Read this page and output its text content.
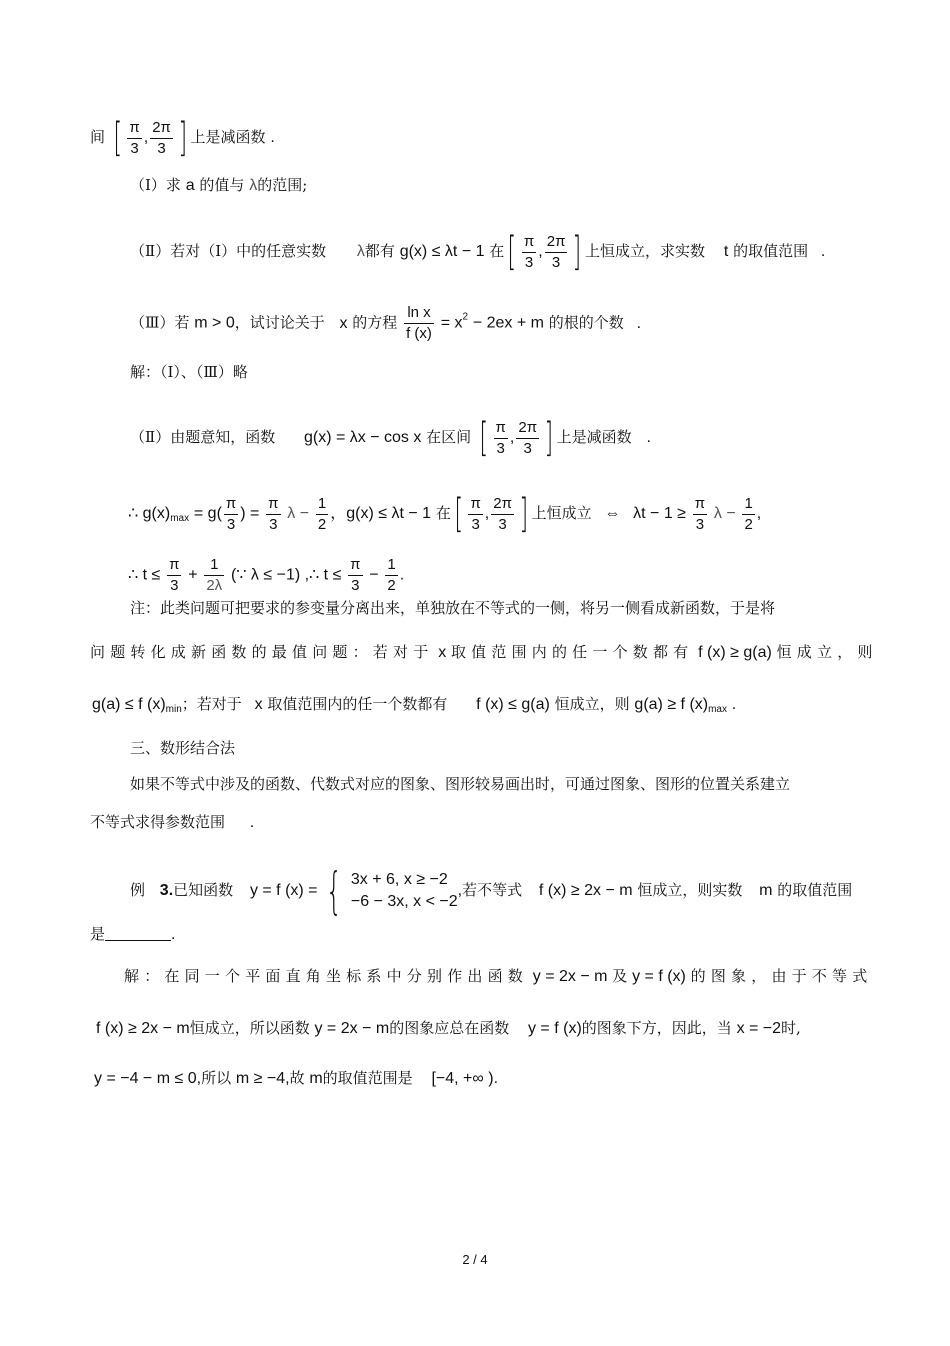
间 [ $\frac{\pi}{3}$ , $\frac{2\pi}{3}$ ] 上是减函数 .
（Ⅰ）求 a 的值与 λ的范围;
（Ⅱ）若对（Ⅰ）中的任意实数 λ都有 g(x) ≤ λt − 1 在[ $\frac{\pi}{3}$ , $\frac{2\pi}{3}$ ] 上恒成立，求实数 t 的取值范围 .
（Ⅲ）若 m > 0，试讨论关于 x 的方程 $\frac{\text{ln x}}{f (x)} = x^2 - 2ex + m$ 的根的个数 .
解：（Ⅰ）、（Ⅲ）略
（Ⅱ）由题意知，函数 g(x) = λx − cos x 在区间 [ $\frac{\pi}{3}$ , $\frac{2\pi}{3}$ ] 上是减函数 .
∴ $g(x)_{max} = g( \frac{\pi}{3}$ ) = $\frac{\pi}{3}$ $\lambda - \frac{1}{2}$ ，g(x) ≤ λt − 1 在[ $\frac{\pi}{3}$ , $\frac{2\pi}{3}$ ] 上恒成立 ⇔ $\lambda t - 1 \ge \frac{\pi}{3}$ $\lambda - \frac{1}{2}$ ,
∴ $t \le \frac{\pi}{3} + \frac{1}{2\lambda}$ (∵ λ ≤ −1) ,∴ $t \le \frac{\pi}{3} - \frac{1}{2}$ .
注：此类问题可把要求的参变量分离出来，单独放在不等式的一侧，将另一侧看成新函数，于是将
问题转化成新函数的最值问题：若对于 x 取值范围内的任一个数都有 f (x) ≥ g(a) 恒成立，则
g(a) ≤ f $(x)_{min}$；若对于 x 取值范围内的任一个数都有 f (x) ≤ g(a) 恒成立，则 g(a) ≥ f $(x)_{max}$ .
三、数形结合法
如果不等式中涉及的函数、代数式对应的图象、图形较易画出时，可通过图象、图形的位置关系建立
不等式求得参数范围 .
例 3.已知函数 y = f (x) = { 3x + 6, x ≥ −2
−6 − 3x, x < −2
,若不等式 f (x) ≥ 2x − m 恒成立，则实数 m 的取值范围
是	.
解：在同一个平面直角坐标系中分别作出函数 y = 2x − m 及 y = f (x) 的图象，由于不等式
f (x) ≥ 2x − m恒成立，所以函数 y = 2x − m的图象应总在函数 y = f (x)的图象下方，因此，当 x = −2时,
y = −4 − m ≤ 0,所以 m ≥ −4,故 m的取值范围是 [−4, +∞ ).
2 / 4
